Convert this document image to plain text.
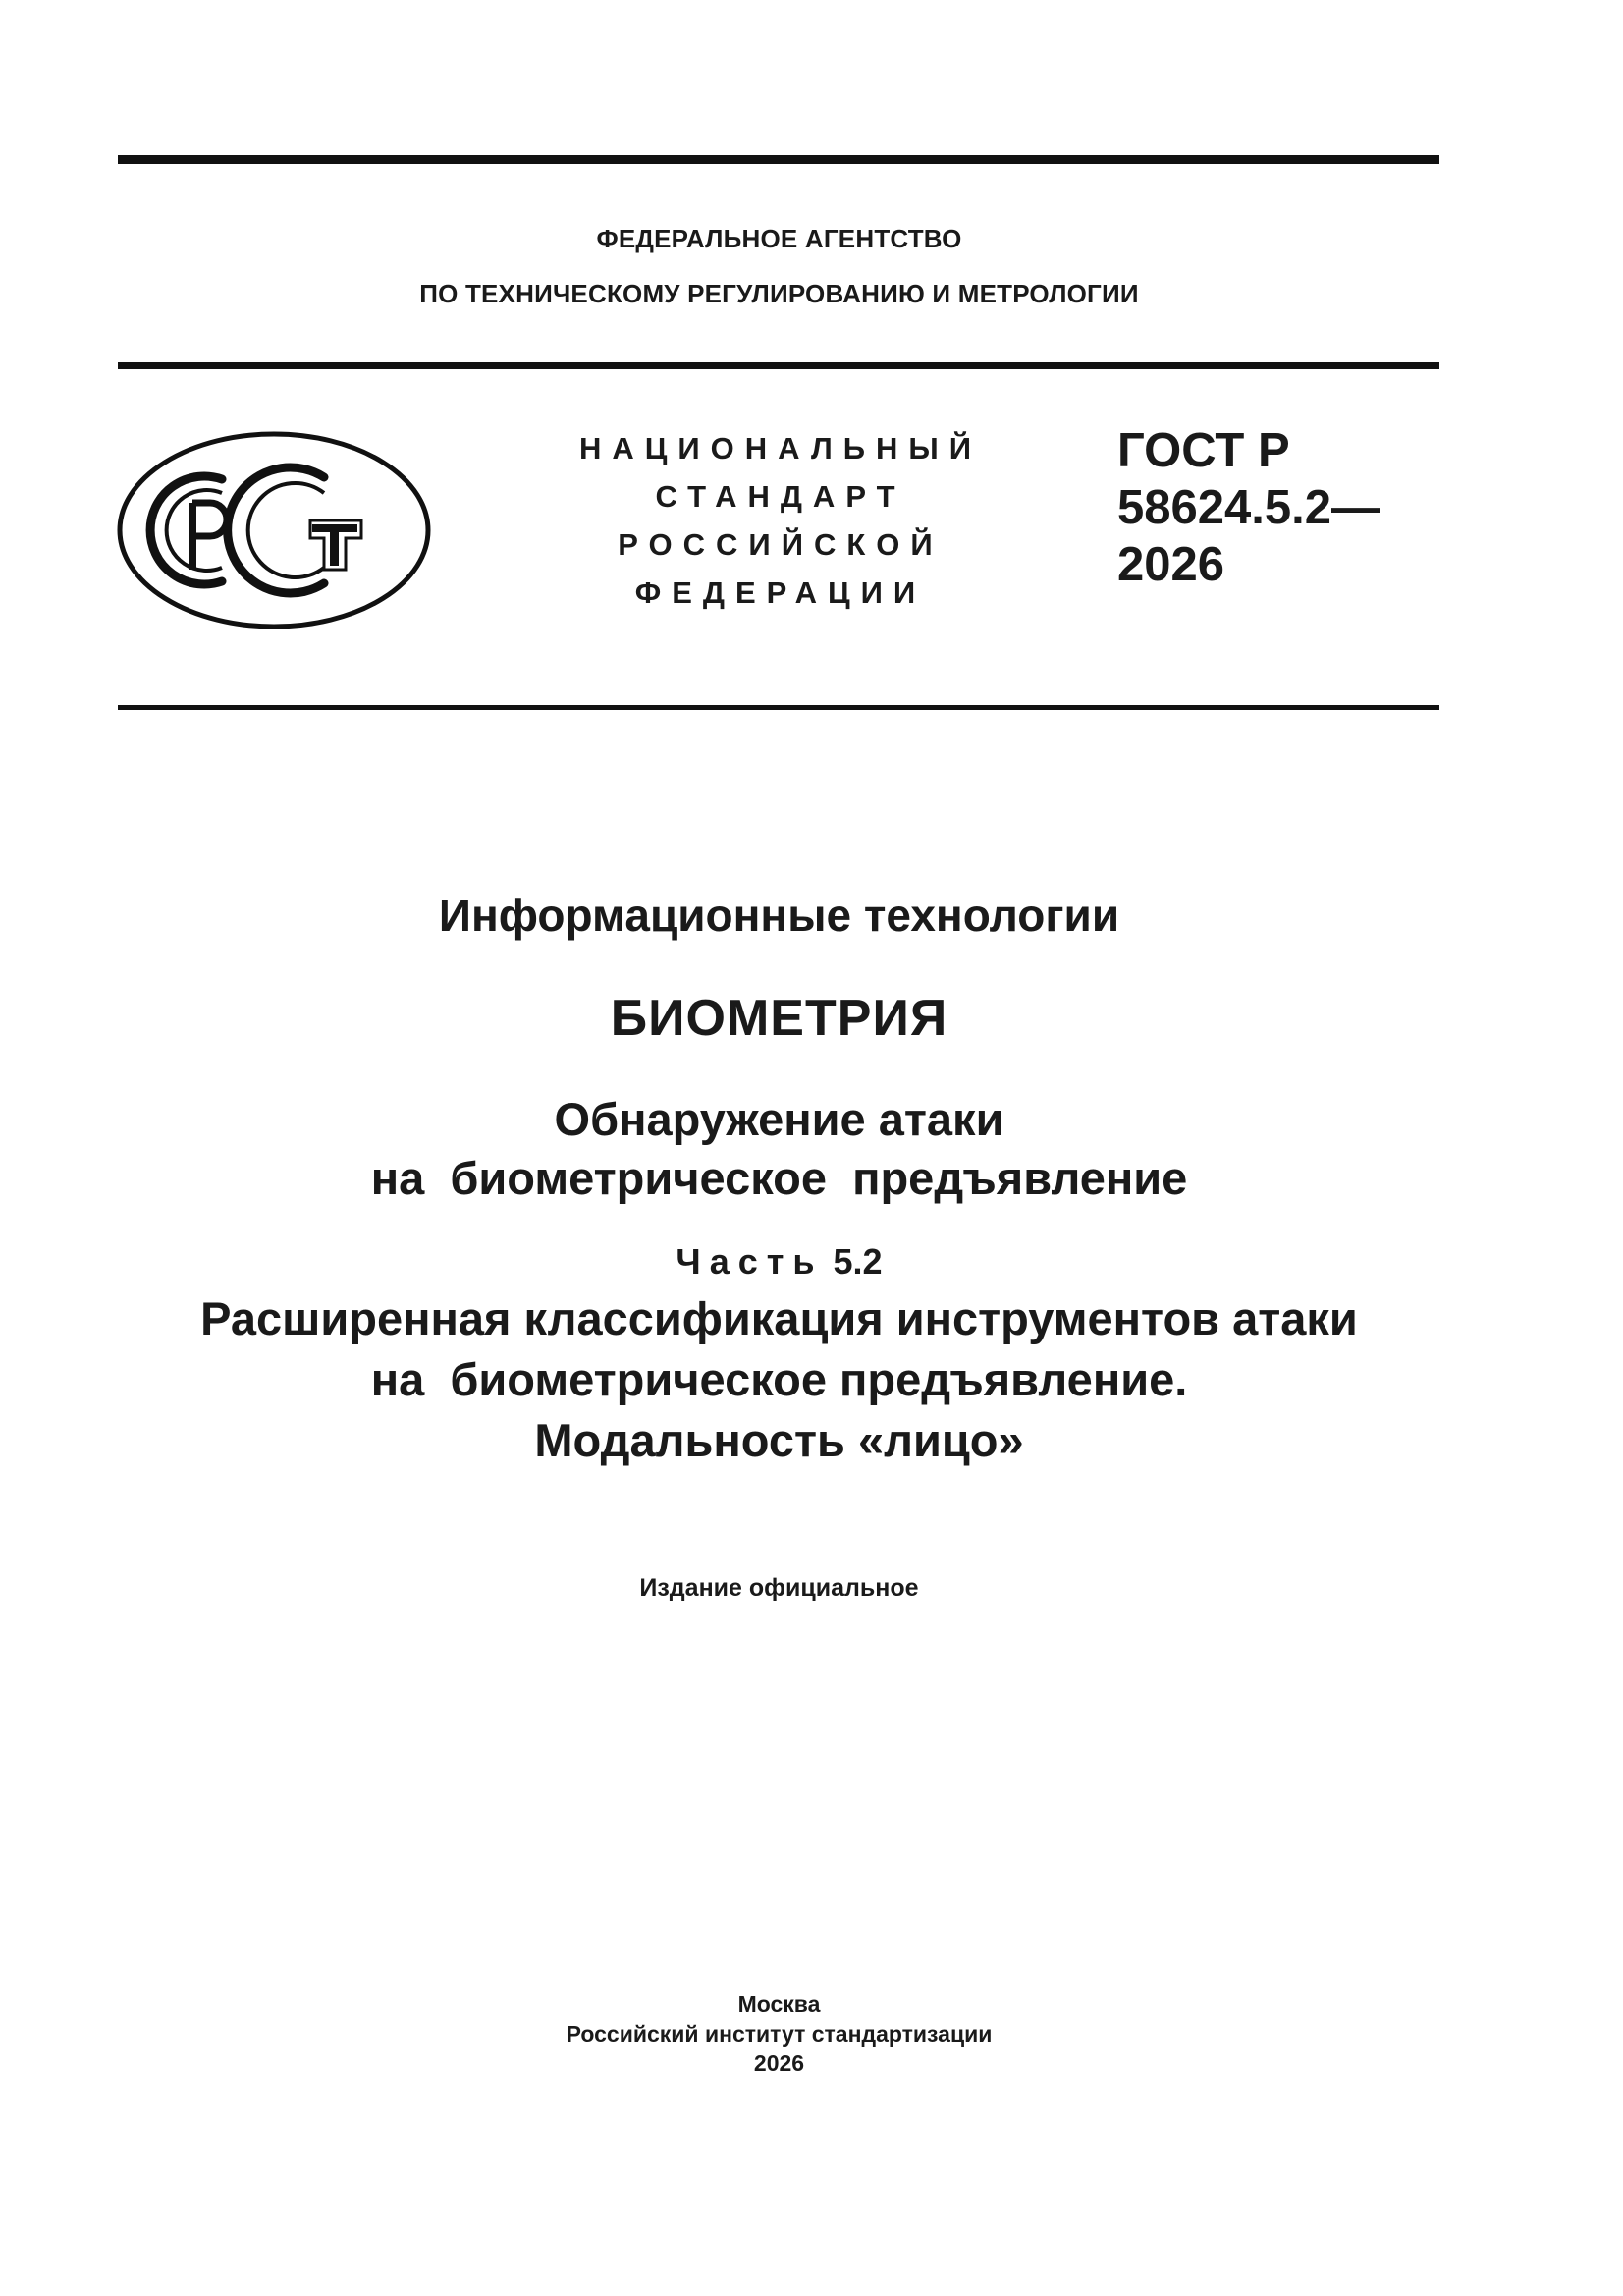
ФЕДЕРАЛЬНОЕ АГЕНТСТВО
ПО ТЕХНИЧЕСКОМУ РЕГУЛИРОВАНИЮ И МЕТРОЛОГИИ
НАЦИОНАЛЬНЫЙ
СТАНДАРТ
РОССИЙСКОЙ
ФЕДЕРАЦИИ
ГОСТ Р
58624.5.2—
2026
Информационные технологии
БИОМЕТРИЯ
Обнаружение атаки
на  биометрическое  предъявление
Часть 5.2
Расширенная классификация инструментов атаки
на  биометрическое предъявление.
Модальность «лицо»
Издание официальное
Москва
Российский институт стандартизации
2026
